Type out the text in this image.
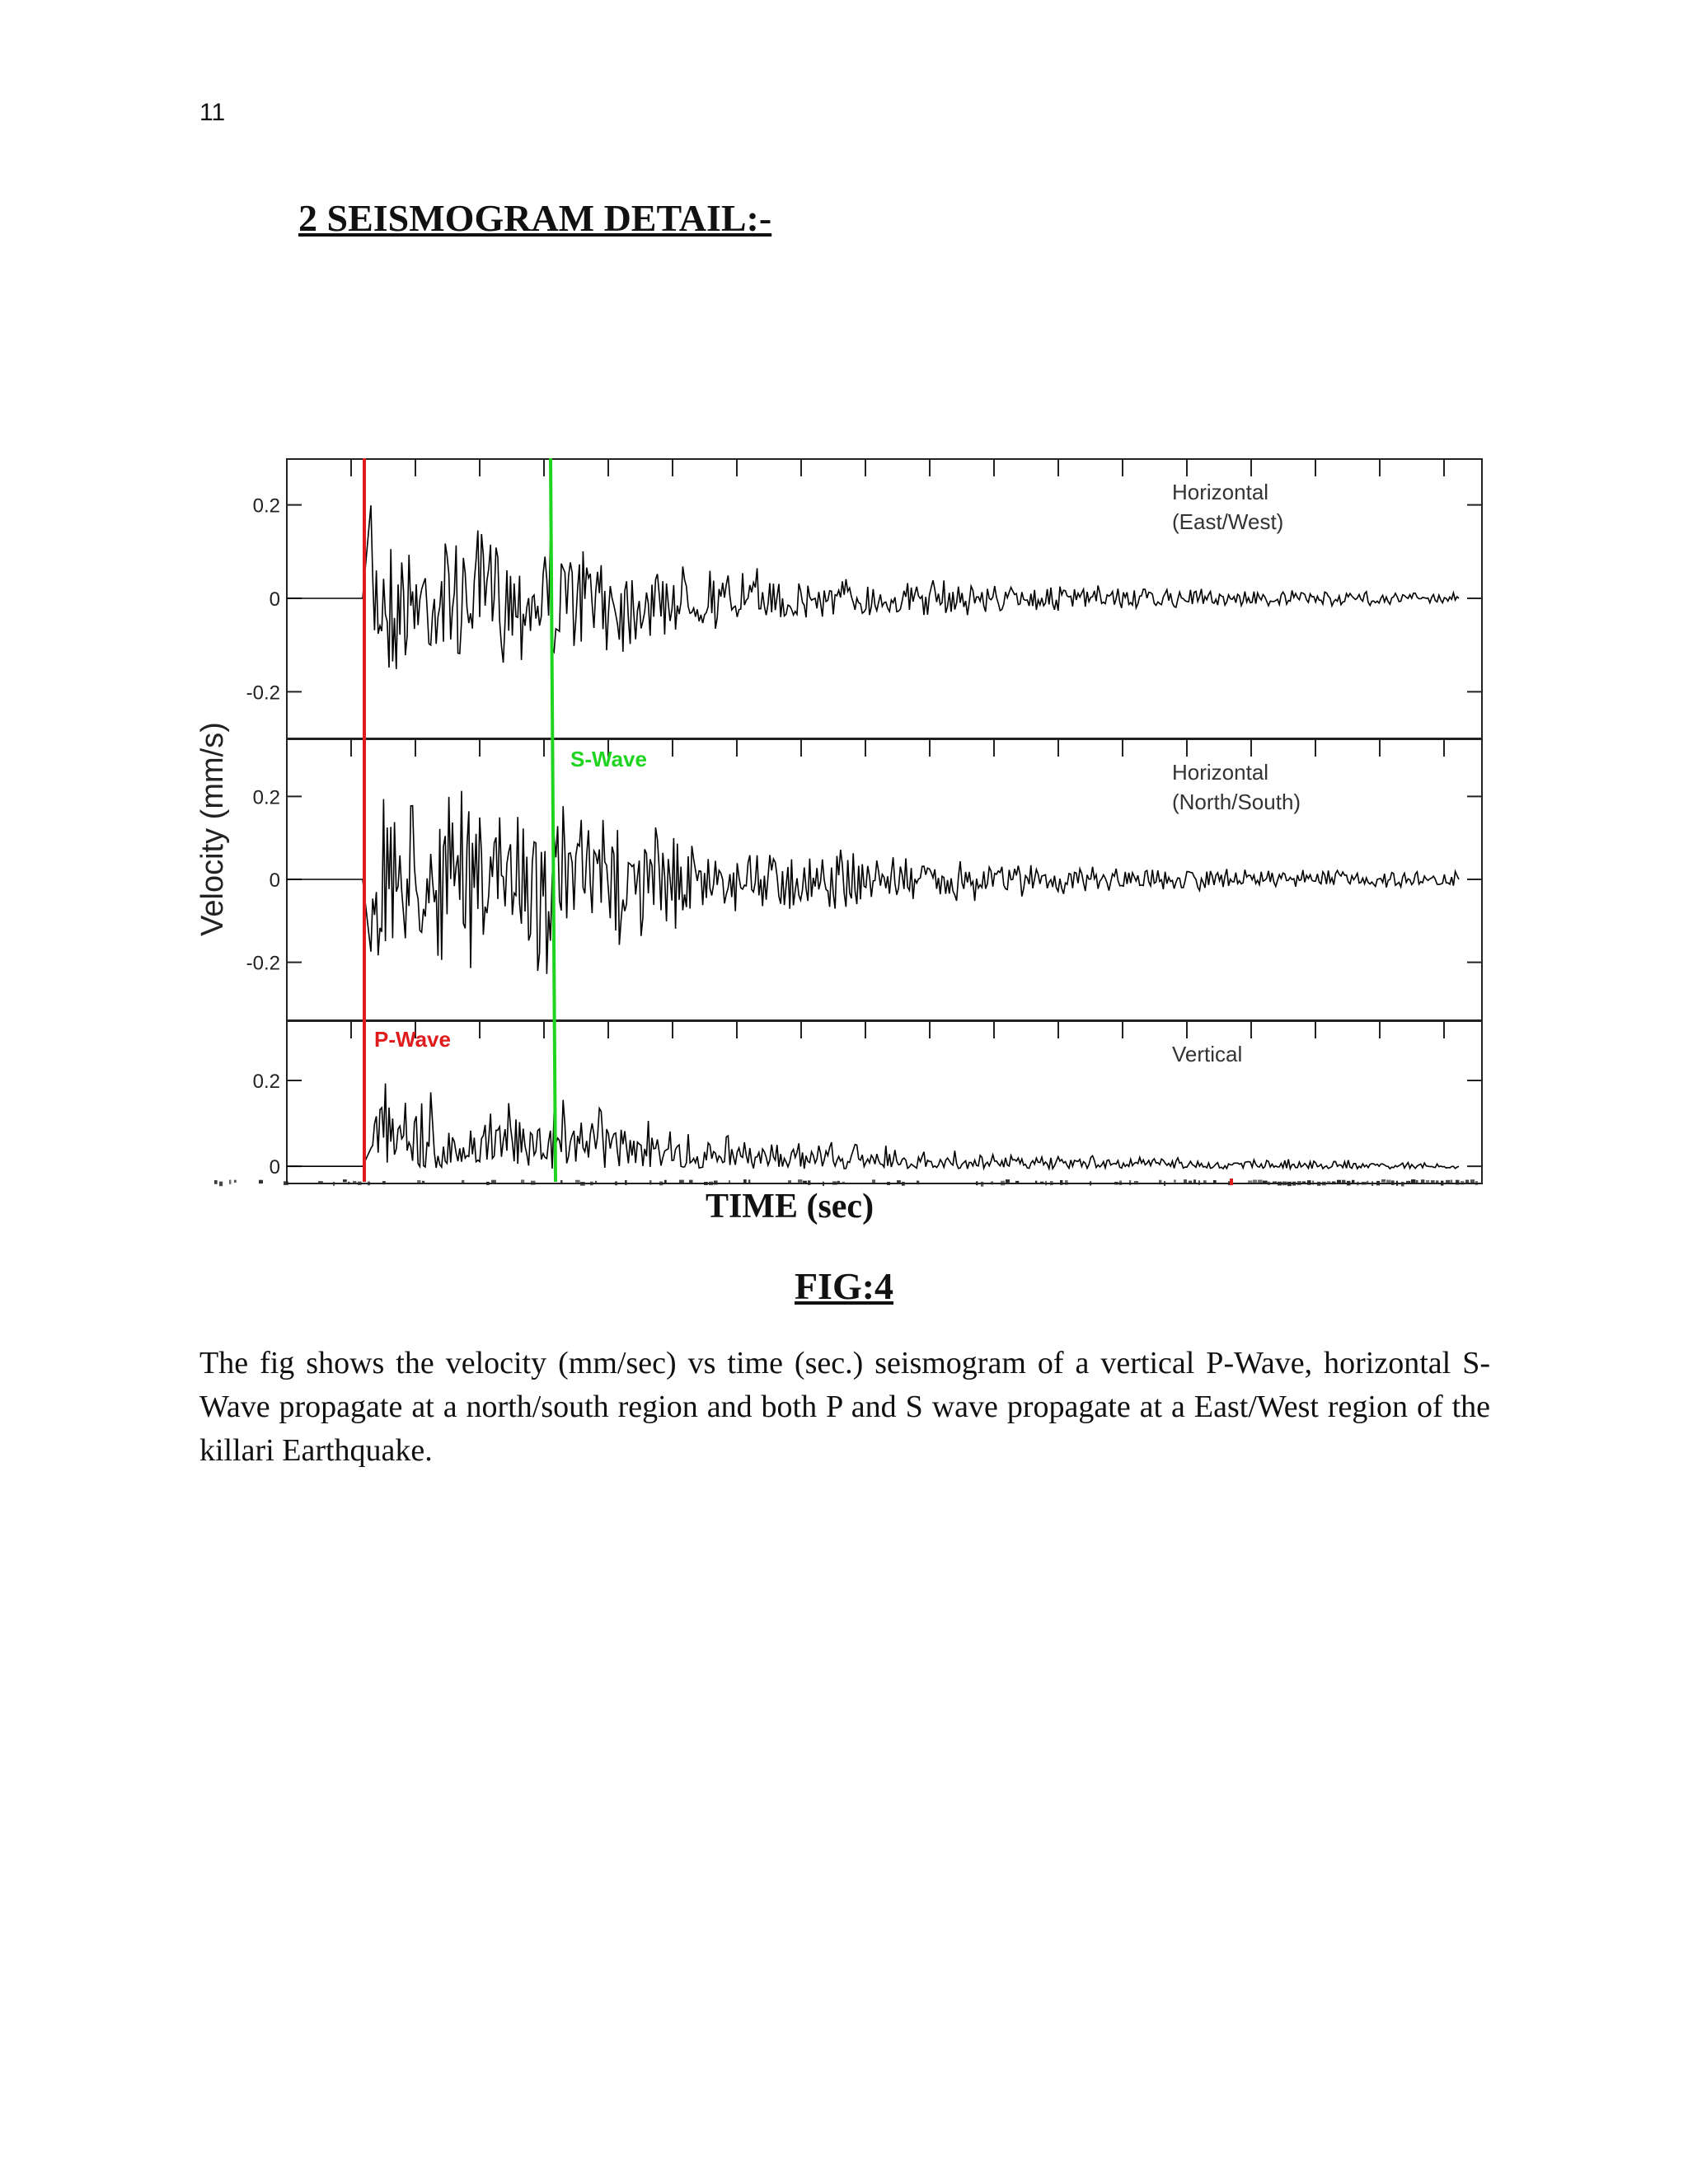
11
2 SEISMOGRAM DETAIL:-
0.2
0
-0.2
Horizontal
(East/West)
0.2
0
-0.2
Horizontal
(North/South)
0.2
0
Vertical
P-Wave
S-Wave
Velocity (mm/s)
TIME (sec)
FIG:4

The fig shows the velocity (mm/sec) vs time (sec.) seismogram of a vertical P-Wave, horizontal S-Wave propagate at a north/south region and both P and S wave propagate at a East/West region of the killari Earthquake.
